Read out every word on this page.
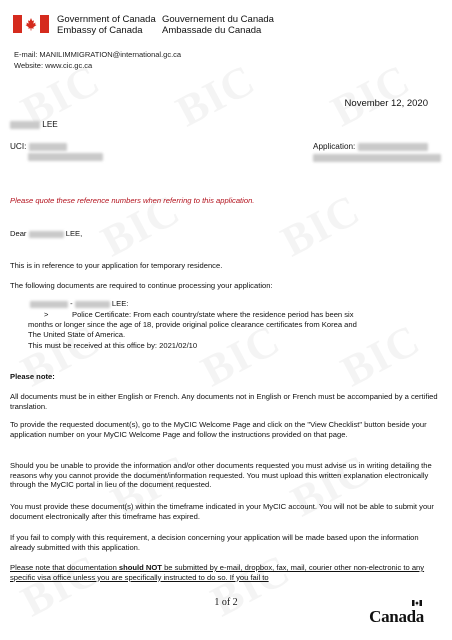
Government of Canada
Embassy of Canada
Gouvernement du Canada
Ambassade du Canada
E-mail: MANILIMMIGRATION@international.gc.ca
Website: www.cic.gc.ca
November 12, 2020
LEE
UCI:	Application:
Please quote these reference numbers when referring to this application.
Dear	LEE,
This is in reference to your application for temporary residence.
The following documents are required to continue processing your application:
-	LEE:
>	Police Certificate: From each country/state where the residence period has been six
months or longer since the age of 18, provide original police clearance certificates from Korea and
The United State of America.
This must be received at this office by: 2021/02/10
Please note:
All documents must be in either English or French. Any documents not in English or French must be accompanied by a certified translation.
To provide the requested document(s), go to the MyCIC Welcome Page and click on the "View Checklist" button beside your application number on your MyCIC Welcome Page and follow the instructions provided on that page.
Should you be unable to provide the information and/or other documents requested you must advise us in writing detailing the reasons why you cannot provide the document/information requested. You must upload this written explanation electronically through the MyCIC portal in lieu of the document requested.
You must provide these document(s) within the timeframe indicated in your MyCIC account. You will not be able to submit your document electronically after this timeframe has expired.
If you fail to comply with this requirement, a decision concerning your application will be made based upon the information already submitted with this application.
Please note that documentation should NOT be submitted by e-mail, dropbox, fax, mail, courier other non-electronic to any specific visa office unless you are specifically instructed to do so. If you fail to
1 of 2
Canada
